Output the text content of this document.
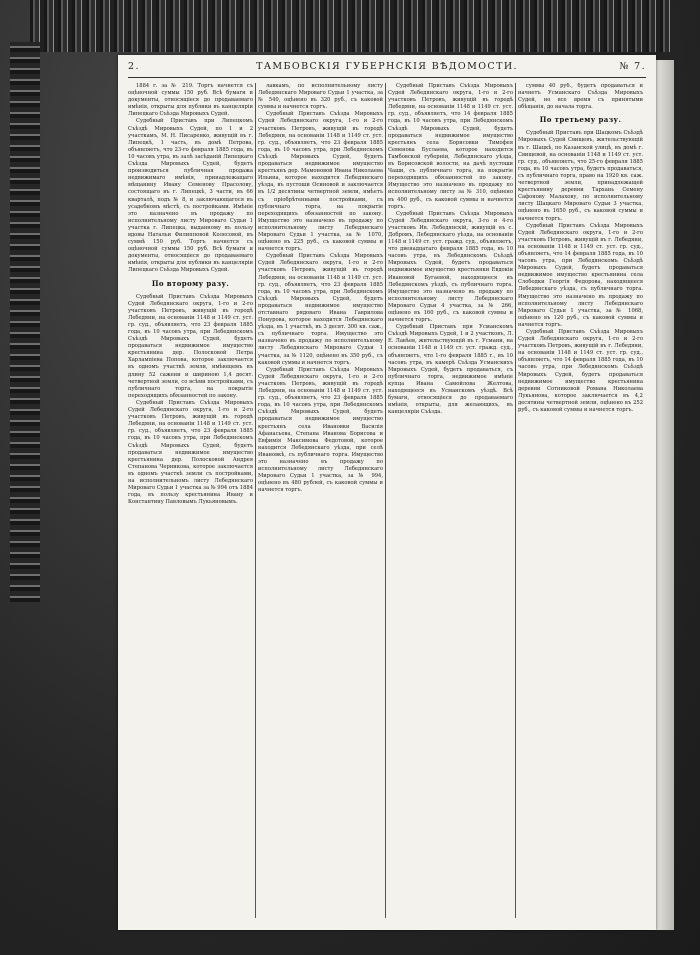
2.	ТАМБОВСКІЯ ГУБЕРНСКІЯ ВѢДОМОСТИ.	№ 7.

1884 г. за № 219. Торгъ начнется съ оцѣночной суммы 150 руб. Всѣ бумаги и документы, относящіеся до продаваемаго имѣнія, открыты для публики въ канцеляріи Липецкаго Съѣзда Мировыхъ Судей.

Судебный Приставъ при Липецкомъ Съѣздѣ Мировыхъ Судей, по 1 и 2 участкамъ, М. Н. Писаренко, живущій въ г. Липецкѣ, 1 часть, въ домѣ Петрова, объявляетъ, что 23-го февраля 1885 года, въ 10 часовъ утра, въ залѣ засѣданій Липецкаго Съѣзда Мировыхъ Судей, будетъ производиться публичная продажа недвижимаго имѣнія, принадлежащаго мѣщанину Ивану Семенову Прасолову, состоящаго въ г. Липецкѣ, 3 части, въ 66 кварталѣ, подъ № 8, и заключающагося въ усадебномъ мѣстѣ, съ постройками. Имѣніе это назначено въ продажу по исполнительному листу Мироваго Судьи 1 участка г. Липецка, выданному въ пользу вдовы Натальи Филипповой Колесовой, въ суммѣ 150 руб. Торгъ начнется съ оцѣночной суммы 150 руб. Всѣ бумаги и документы, относящіеся до продаваемаго имѣнія, открыты для публики въ канцеляріи Липецкаго Съѣзда Мировыхъ Судей.

По второму разу.

Судебный Приставъ Съѣзда Мировыхъ Судей Лебедянскаго округа, 1-го и 2-го участковъ Петровъ, живущій въ городѣ Лебедяни, на основаніи 1148 и 1149 ст. уст. гр. суд., объявляетъ, что 23 февраля 1885 года, въ 10 часовъ утра, при Лебедянскомъ Съѣздѣ Мировыхъ Судей, будетъ продаваться недвижимое имущество крестьянина дер. Полосковой Петра Харлампіева Попова, которое заключается въ одномъ участкѣ земли, имѣющемъ въ длину 52 сажени и шириною 1,4 десят. четвертной земли, со всѣми постройками, съ публичнаго торга, на покрытіе переходящихъ обязанностей по закону.

Судебный Приставъ Съѣзда Мировыхъ Судей Лебедянскаго округа, 1-го и 2-го участковъ Петровъ, живущій въ городѣ Лебедяни, на основаніи 1148 и 1149 ст. уст. гр. суд., объявляетъ, что 23 февраля 1885 года, въ 10 часовъ утра, при Лебедянскомъ Съѣздѣ Мировыхъ Судей, будетъ продаваться недвижимое имущество крестьянина дер. Полосковой Андрея Степанова Черникова, которое заключается въ одномъ участкѣ земли съ постройками, на исполнительномъ листу Лебедянскаго Мироваго Судьи 1 участка за № 994 отъ 1884 года, въ пользу крестьянина Ивану и Константину Павловымъ Лукьяновымъ.

лавкамъ, по исполнительному листу Лебедянскаго Мироваго Судьи 1 участка, за № 540, оцѣнено въ 320 руб., съ каковой суммы и начнется торгъ.

Судебный Приставъ Съѣзда Мировыхъ Судей Лебедянскаго округа, 1-го и 2-го участковъ Петровъ, живущій въ городѣ Лебедяни, на основаніи 1148 и 1149 ст. уст. гр. суд., объявляетъ, что 23 февраля 1885 года, въ 10 часовъ утра, при Лебедянскомъ Съѣздѣ Мировыхъ Судей, будетъ продаваться недвижимое имущество крестьянъ дер. Мамоновой Ивана Николаева Ильина, которое находится Лебедянскаго уѣзда, въ пустоши Осиновой и заключается въ 1/2 десятины четвертной земли, имѣетъ съ пріобрѣтенными постройками, съ публичнаго торга, на покрытіе переходящихъ обязанностей по закону. Имущество это назначено въ продажу по исполнительному листу Лебедянскаго Мироваго Судьи 1 участка, за № 1070, оцѣнено въ 225 руб., съ каковой суммы и начнется торгъ.

Судебный Приставъ Съѣзда Мировыхъ Судей Лебедянскаго округа, 1-го и 2-го участковъ Петровъ, живущій въ городѣ Лебедяни, на основаніи 1148 и 1149 ст. уст. гр. суд., объявляетъ, что 23 февраля 1885 года, въ 10 часовъ утра, при Лебедянскомъ Съѣздѣ Мировыхъ Судей, будетъ продаваться недвижимое имущество отставнаго рядоваго Ивана Гаврилова Понурова, которое находится Лебедянскаго уѣзда, въ 1 участкѣ, въ 3 десят. 300 кв. саж., съ публичнаго торга. Имущество это назначено въ продажу по исполнительному листу Лебедянскаго Мироваго Судьи 1 участка, за № 1120, оцѣнено въ 350 руб., съ каковой суммы и начнется торгъ.

Судебный Приставъ Съѣзда Мировыхъ Судей Лебедянскаго округа, 1-го и 2-го участковъ Петровъ, живущій въ городѣ Лебедяни, на основаніи 1148 и 1149 ст. уст. гр. суд., объявляетъ, что 23 февраля 1885 года, въ 10 часовъ утра, при Лебедянскомъ Съѣздѣ Мировыхъ Судей, будетъ продаваться недвижимое имущество крестьянъ села Ивановки Василія Афанасьева, Степана Иванова Борисова и Евфимія Максимова Федотовой, которое находится Лебедянскаго уѣзда, при селѣ Ивановкѣ, съ публичнаго торга. Имущество это назначено въ продажу по исполнительному листу Лебедянскаго Мироваго Судьи 1 участка, за № 994, оцѣнено въ 480 рублей, съ каковой суммы и начнется торгъ.

Судебный Приставъ Съѣзда Мировыхъ Судей Лебедянскаго округа, 1-го и 2-го участковъ Петровъ, живущій въ городѣ Лебедяни, на основаніи 1148 и 1149 ст. уст. гр. суд., объявляетъ, что 14 февраля 1885 года, въ 10 часовъ утра, при Лебедянскомъ Съѣздѣ Мировыхъ Судей, будетъ продаваться недвижимое имущество крестьянъ села Борисовки Тимофея Семенова Буслаева, которое находится Тамбовской губерніи, Лебедянскаго уѣзда, въ Борисовской волости, на дачѣ пустоши Чаши, съ публичнаго торга, на покрытіе переходящихъ обязанностей по закону. Имущество это назначено въ продажу по исполнительному листу за № 310, оцѣнено въ 400 руб., съ каковой суммы и начнется торгъ.

Судебный Приставъ Съѣзда Мировыхъ Судей Лебедянскаго округа, 3-го и 4-го участковъ Ив. Лебедянскій, живущій въ с. Добромъ, Лебедянскаго уѣзда, на основаніи 1148 и 1149 ст. уст. гражд. суд., объявляетъ, что двенадцатаго февраля 1885 года, въ 10 часовъ утра, въ Лебедянскомъ Съѣздѣ Мировыхъ Судей, будетъ продаваться недвижимое имущество крестьянки Евдокіи Ивановой Бугаевой, находящееся въ Лебедянскомъ уѣздѣ, съ публичнаго торга. Имущество это назначено въ продажу по исполнительному листу Лебедянскаго Мироваго Судьи 4 участка, за № 266, оцѣнено въ 160 руб., съ каковой суммы и начнется торгъ.

Судебный Приставъ при Усманскомъ Съѣздѣ Мировыхъ Судей, 1 и 2 участковъ, Л. Е. Лавѣев, жительствующій въ г. Усмани, на основаніи 1148 и 1149 ст. уст. гражд. суд., объявляетъ, что 1-го февраля 1885 г., въ 10 часовъ утра, въ камерѣ Съѣзда Усманскихъ Мировыхъ Судей, будетъ продаваться, съ публичнаго торга, недвижимое имѣніе купца Ивана Самойлова Желтова, находящееся въ Усманскомъ уѣздѣ. Всѣ бумаги, относящіеся до продаваемаго имѣнія, открыты, для желающихъ, въ канцеляріи Съѣзда.

суммы 40 руб., будетъ продаваться и начнетъ Усманскаго Съѣзда Мировыхъ Судей, но все время съ принятыми обѣщанія, до начала торга.

По третьему разу.

Судебный Приставъ при Шацкомъ Съѣздѣ Мировыхъ Судей Свищевъ, жительствующій въ г. Шацкѣ, по Казанской улицѣ, въ домѣ г. Свищевой, на основаніи 1148 и 1149 ст. уст. гр. суд., объявляетъ, что 25-го февраля 1885 года, въ 10 часовъ утра, будетъ продаваться, съ публичнаго торга, право на 1920 кв. саж. четвертной земли, принадлежащей крестьянину деревни Тархань Семену Сафонову Малахову, по исполнительному листу Шацкаго Мироваго Судьи 3 участка, оцѣнено въ 1650 руб., съ каковой суммы и начнется торгъ.

Судебный Приставъ Съѣзда Мировыхъ Судей Лебедянскаго округа, 1-го и 2-го участковъ Петровъ, живущій въ г. Лебедяни, на основаніи 1148 и 1149 ст. уст. гр. суд., объявляетъ, что 14 февраля 1885 года, въ 10 часовъ утра, при Лебедянскомъ Съѣздѣ Мировыхъ Судей, будетъ продаваться недвижимое имущество крестьянина села Слободки Георгія Федорова, находящееся Лебедянскаго уѣзда, съ публичнаго торга. Имущество это назначено въ продажу по исполнительному листу Лебедянскаго Мироваго Судьи 1 участка, за № 1068, оцѣнено въ 120 руб., съ каковой суммы и начнется торгъ.

Судебный Приставъ Съѣзда Мировыхъ Судей Лебедянскаго округа, 1-го и 2-го участковъ Петровъ, живущій въ г. Лебедяни, на основаніи 1148 и 1149 ст. уст. гр. суд., объявляетъ, что 14 февраля 1885 года, въ 10 часовъ утра, при Лебедянскомъ Съѣздѣ Мировыхъ Судей, будетъ продаваться недвижимое имущество крестьянина деревни Сотниковой Романа Николаева Лукьянова, которое заключается въ 4,2 десятины четвертной земли, оцѣнено въ 252 руб., съ каковой суммы и начнется торгъ.
